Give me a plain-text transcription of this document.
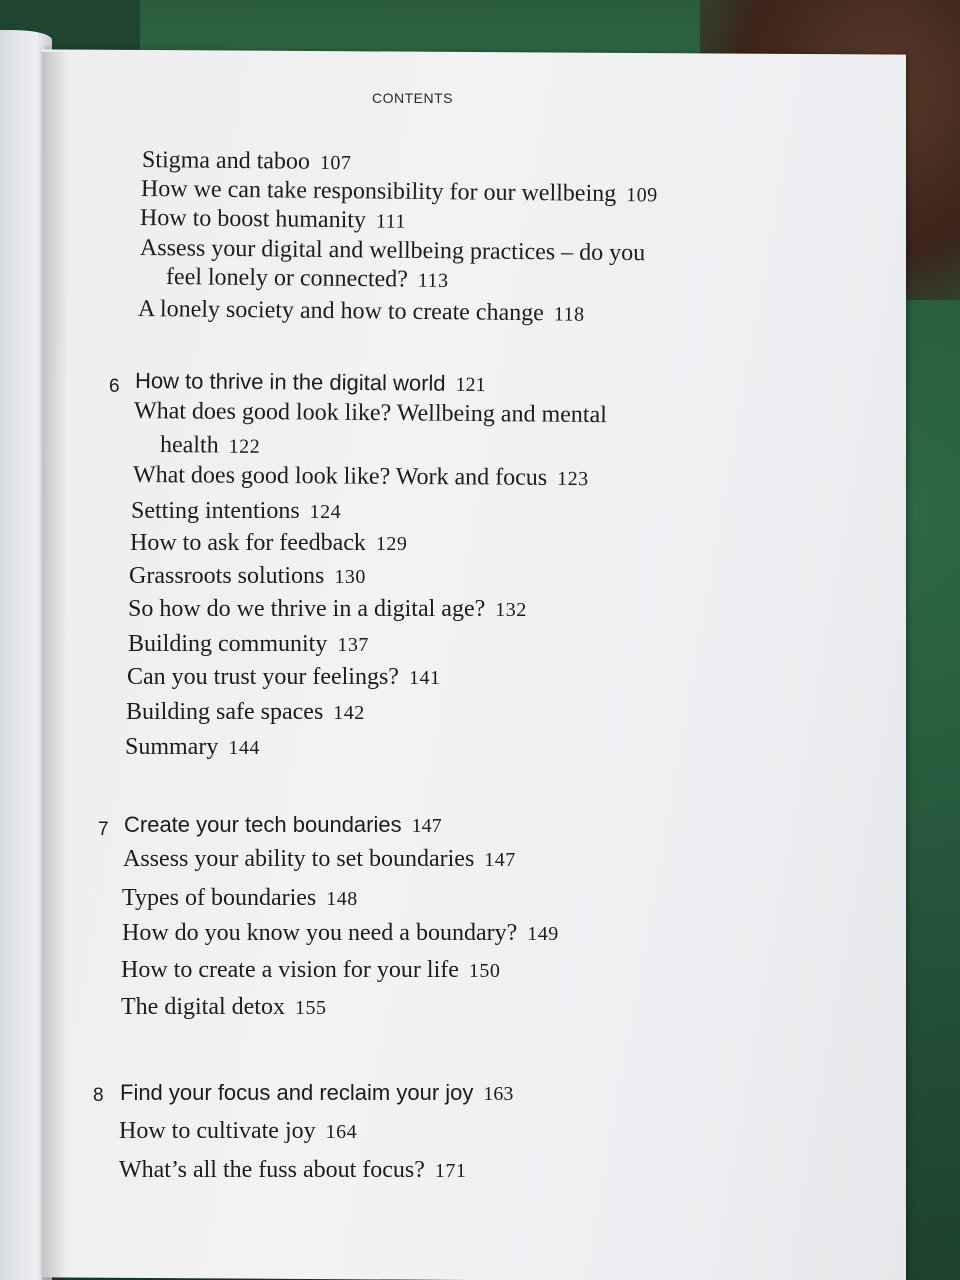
CONTENTS
Stigma and taboo 107
How we can take responsibility for our wellbeing 109
How to boost humanity 111
Assess your digital and wellbeing practices – do you
feel lonely or connected? 113
A lonely society and how to create change 118
6 How to thrive in the digital world 121
What does good look like? Wellbeing and mental
health 122
What does good look like? Work and focus 123
Setting intentions 124
How to ask for feedback 129
Grassroots solutions 130
So how do we thrive in a digital age? 132
Building community 137
Can you trust your feelings? 141
Building safe spaces 142
Summary 144
7 Create your tech boundaries 147
Assess your ability to set boundaries 147
Types of boundaries 148
How do you know you need a boundary? 149
How to create a vision for your life 150
The digital detox 155
8 Find your focus and reclaim your joy 163
How to cultivate joy 164
What’s all the fuss about focus? 171
